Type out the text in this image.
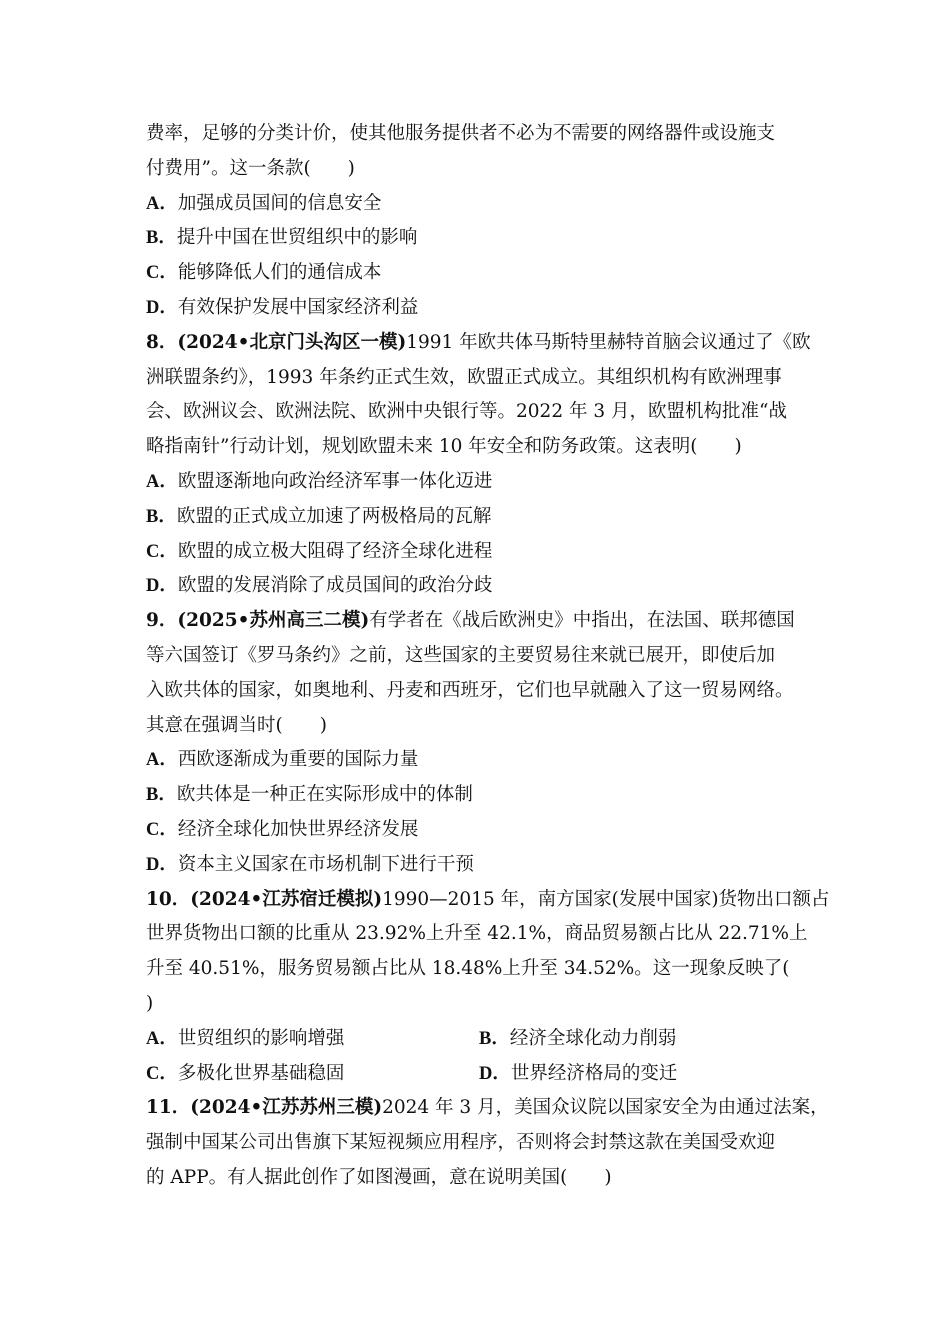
费率，足够的分类计价，使其他服务提供者不必为不需要的网络器件或设施支
付费用”。这一条款(　　)
A．加强成员国间的信息安全
B．提升中国在世贸组织中的影响
C．能够降低人们的通信成本
D．有效保护发展中国家经济利益
8．(2024•北京门头沟区一模)1991 年欧共体马斯特里赫特首脑会议通过了《欧
洲联盟条约》，1993 年条约正式生效，欧盟正式成立。其组织机构有欧洲理事
会、欧洲议会、欧洲法院、欧洲中央银行等。2022 年 3 月，欧盟机构批准“战
略指南针”行动计划，规划欧盟未来 10 年安全和防务政策。这表明(　　)
A．欧盟逐渐地向政治经济军事一体化迈进
B．欧盟的正式成立加速了两极格局的瓦解
C．欧盟的成立极大阻碍了经济全球化进程
D．欧盟的发展消除了成员国间的政治分歧
9．(2025•苏州高三二模)有学者在《战后欧洲史》中指出，在法国、联邦德国
等六国签订《罗马条约》之前，这些国家的主要贸易往来就已展开，即使后加
入欧共体的国家，如奥地利、丹麦和西班牙，它们也早就融入了这一贸易网络。
其意在强调当时(　　)
A．西欧逐渐成为重要的国际力量
B．欧共体是一种正在实际形成中的体制
C．经济全球化加快世界经济发展
D．资本主义国家在市场机制下进行干预
10．(2024•江苏宿迁模拟)1990—2015 年，南方国家(发展中国家)货物出口额占
世界货物出口额的比重从 23.92%上升至 42.1%，商品贸易额占比从 22.71%上
升至 40.51%，服务贸易额占比从 18.48%上升至 34.52%。这一现象反映了(
)
A．世贸组织的影响增强	B．经济全球化动力削弱
C．多极化世界基础稳固	D．世界经济格局的变迁
11．(2024•江苏苏州三模)2024 年 3 月，美国众议院以国家安全为由通过法案，
强制中国某公司出售旗下某短视频应用程序，否则将会封禁这款在美国受欢迎
的 APP。有人据此创作了如图漫画，意在说明美国(　　)
